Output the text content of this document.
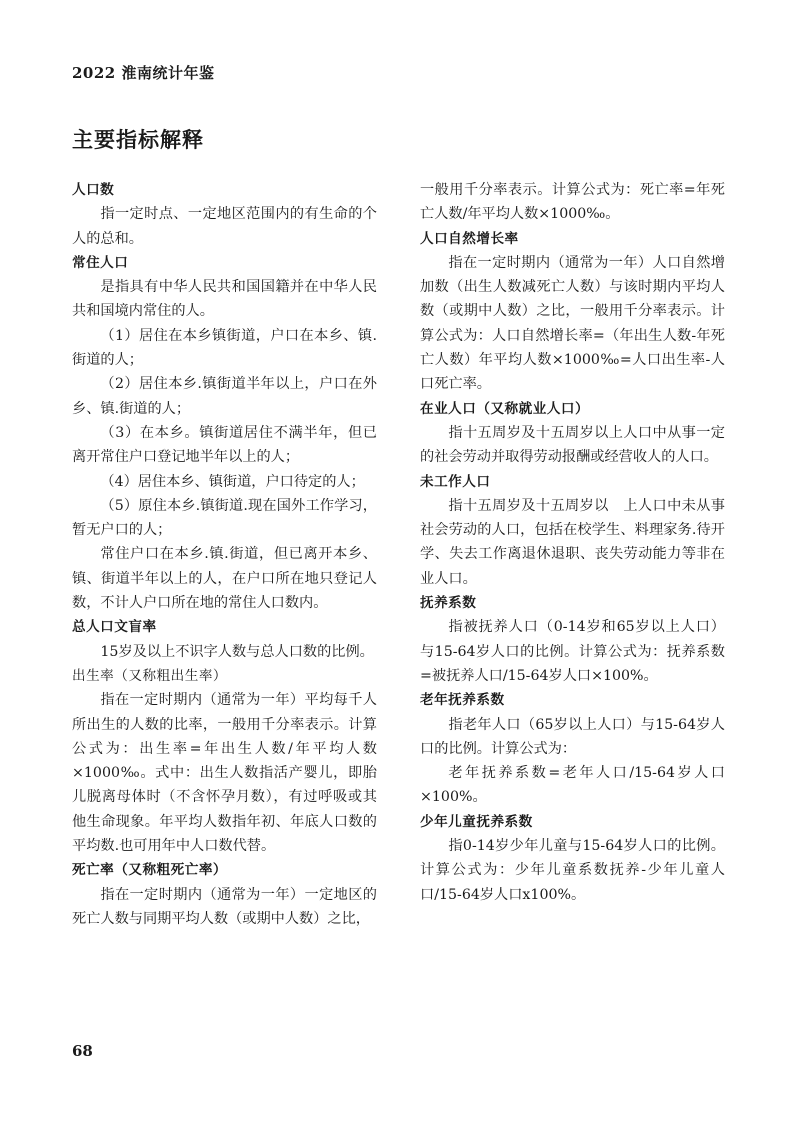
2022 淮南统计年鉴
主要指标解释

人口数

指一定时点、一定地区范围内的有生命的个人的总和。

常住人口

是指具有中华人民共和国国籍并在中华人民共和国境内常住的人。

（1）居住在本乡镇街道，户口在本乡、镇.街道的人；

（2）居住本乡.镇街道半年以上，户口在外乡、镇.街道的人；

（3）在本乡。镇街道居住不满半年，但已离开常住户口登记地半年以上的人；

（4）居住本乡、镇街道，户口待定的人；

（5）原住本乡.镇街道.现在国外工作学习，暂无户口的人；

常住户口在本乡.镇.街道，但已离开本乡、镇、街道半年以上的人，在户口所在地只登记人数，不计人户口所在地的常住人口数内。

总人口文盲率

15岁及以上不识字人数与总人口数的比例。

出生率（又称粗出生率）

指在一定时期内（通常为一年）平均每千人所出生的人数的比率，一般用千分率表示。计算公式为：出生率=年出生人数/年平均人数×1000‰。式中：出生人数指活产婴儿，即胎儿脱离母体时（不含怀孕月数），有过呼吸或其他生命现象。年平均人数指年初、年底人口数的平均数.也可用年中人口数代替。

死亡率（又称粗死亡率）

指在一定时期内（通常为一年）一定地区的死亡人数与同期平均人数（或期中人数）之比，

一般用千分率表示。计算公式为：死亡率=年死亡人数/年平均人数×1000‰。

人口自然增长率

指在一定时期内（通常为一年）人口自然增加数（出生人数减死亡人数）与该时期内平均人数（或期中人数）之比，一般用千分率表示。计算公式为：人口自然增长率=（年出生人数-年死亡人数）年平均人数×1000‰=人口出生率-人口死亡率。

在业人口（又称就业人口）

指十五周岁及十五周岁以上人口中从事一定的社会劳动并取得劳动报酬或经营收人的人口。

未工作人口

指十五周岁及十五周岁以　上人口中未从事社会劳动的人口，包括在校学生、料理家务.待开学、失去工作离退休退职、丧失劳动能力等非在业人口。

抚养系数

指被抚养人口（0-14岁和65岁以上人口）与15-64岁人口的比例。计算公式为：抚养系数=被抚养人口/15-64岁人口×100%。

老年抚养系数

指老年人口（65岁以上人口）与15-64岁人口的比例。计算公式为：

老年抚养系数=老年人口/15-64岁人口×100%。

少年儿童抚养系数

指0-14岁少年儿童与15-64岁人口的比例。计算公式为：少年儿童系数抚养-少年儿童人口/15-64岁人口x100%。

68
